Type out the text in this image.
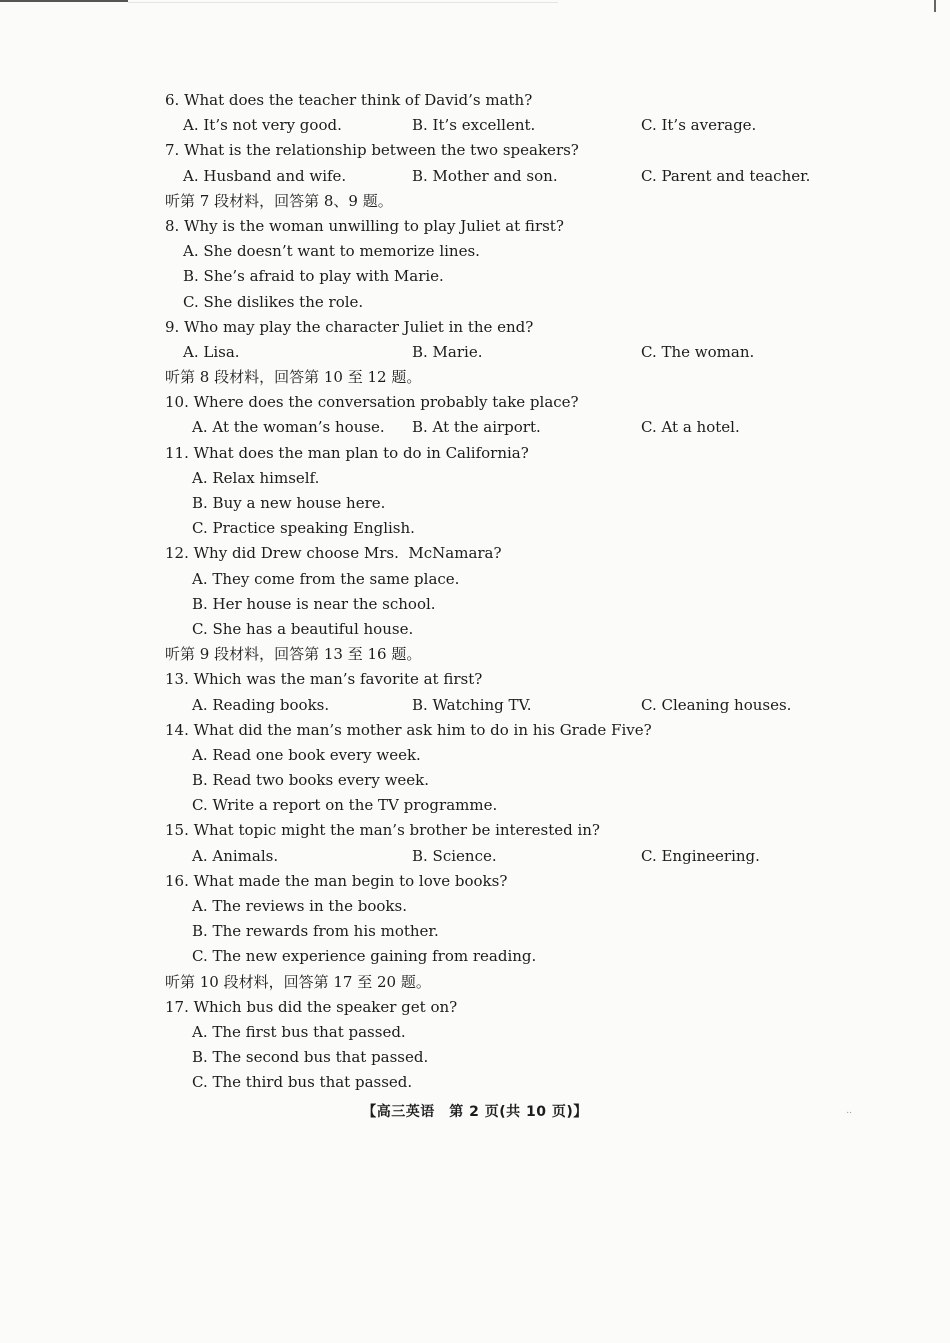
6. What does the teacher think of David’s math?
A. It’s not very good.	B. It’s excellent.	C. It’s average.
7. What is the relationship between the two speakers?
A. Husband and wife.	B. Mother and son.	C. Parent and teacher.
听第 7 段材料，回答第 8、9 题。
8. Why is the woman unwilling to play Juliet at first?
A. She doesn’t want to memorize lines.
B. She’s afraid to play with Marie.
C. She dislikes the role.
9. Who may play the character Juliet in the end?
A. Lisa.	B. Marie.	C. The woman.
听第 8 段材料，回答第 10 至 12 题。
10. Where does the conversation probably take place?
A. At the woman’s house. B. At the airport.	C. At a hotel.
11. What does the man plan to do in California?
A. Relax himself.
B. Buy a new house here.
C. Practice speaking English.
12. Why did Drew choose Mrs.  McNamara?
A. They come from the same place.
B. Her house is near the school.
C. She has a beautiful house.
听第 9 段材料，回答第 13 至 16 题。
13. Which was the man’s favorite at first?
A. Reading books.	B. Watching TV.	C. Cleaning houses.
14. What did the man’s mother ask him to do in his Grade Five?
A. Read one book every week.
B. Read two books every week.
C. Write a report on the TV programme.
15. What topic might the man’s brother be interested in?
A. Animals.	B. Science.	C. Engineering.
16. What made the man begin to love books?
A. The reviews in the books.
B. The rewards from his mother.
C. The new experience gaining from reading.
听第 10 段材料，回答第 17 至 20 题。
17. Which bus did the speaker get on?
A. The first bus that passed.
B. The second bus that passed.
C. The third bus that passed.
【高三英语　第 2 页(共 10 页)】	..
